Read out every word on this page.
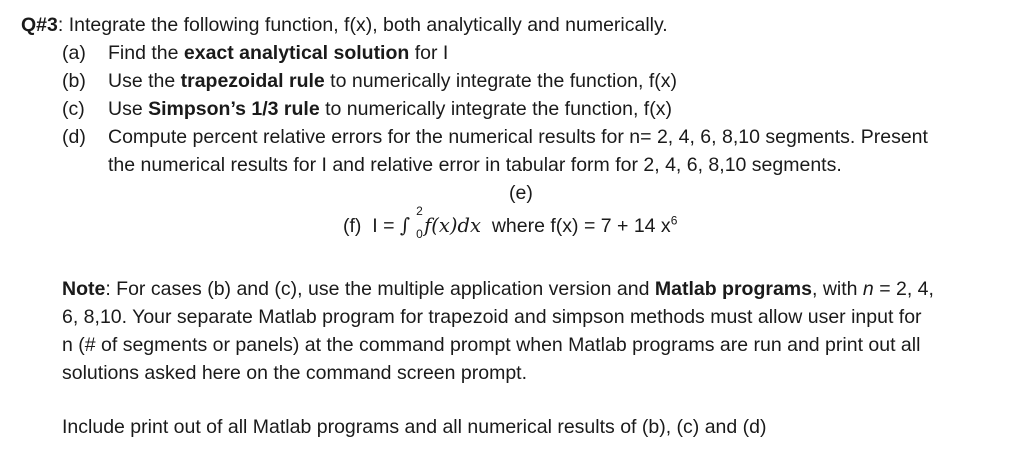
Q#3: Integrate the following function, f(x), both analytically and numerically.
(a) Find the exact analytical solution for I
(b) Use the trapezoidal rule to numerically integrate the function, f(x)
(c) Use Simpson’s 1/3 rule to numerically integrate the function, f(x)
(d) Compute percent relative errors for the numerical results for n= 2, 4, 6, 8,10 segments. Present
the numerical results for I and relative error in tabular form for 2, 4, 6, 8,10 segments.
(e)
(f) I = ∫
2
0 f(x)dx where f(x) = 7 + 14 $x^6$
Note: For cases (b) and (c), use the multiple application version and Matlab programs, with n = 2, 4,
6, 8,10. Your separate Matlab program for trapezoid and simpson methods must allow user input for
n (# of segments or panels) at the command prompt when Matlab programs are run and print out all
solutions asked here on the command screen prompt.
Include print out of all Matlab programs and all numerical results of (b), (c) and (d)
